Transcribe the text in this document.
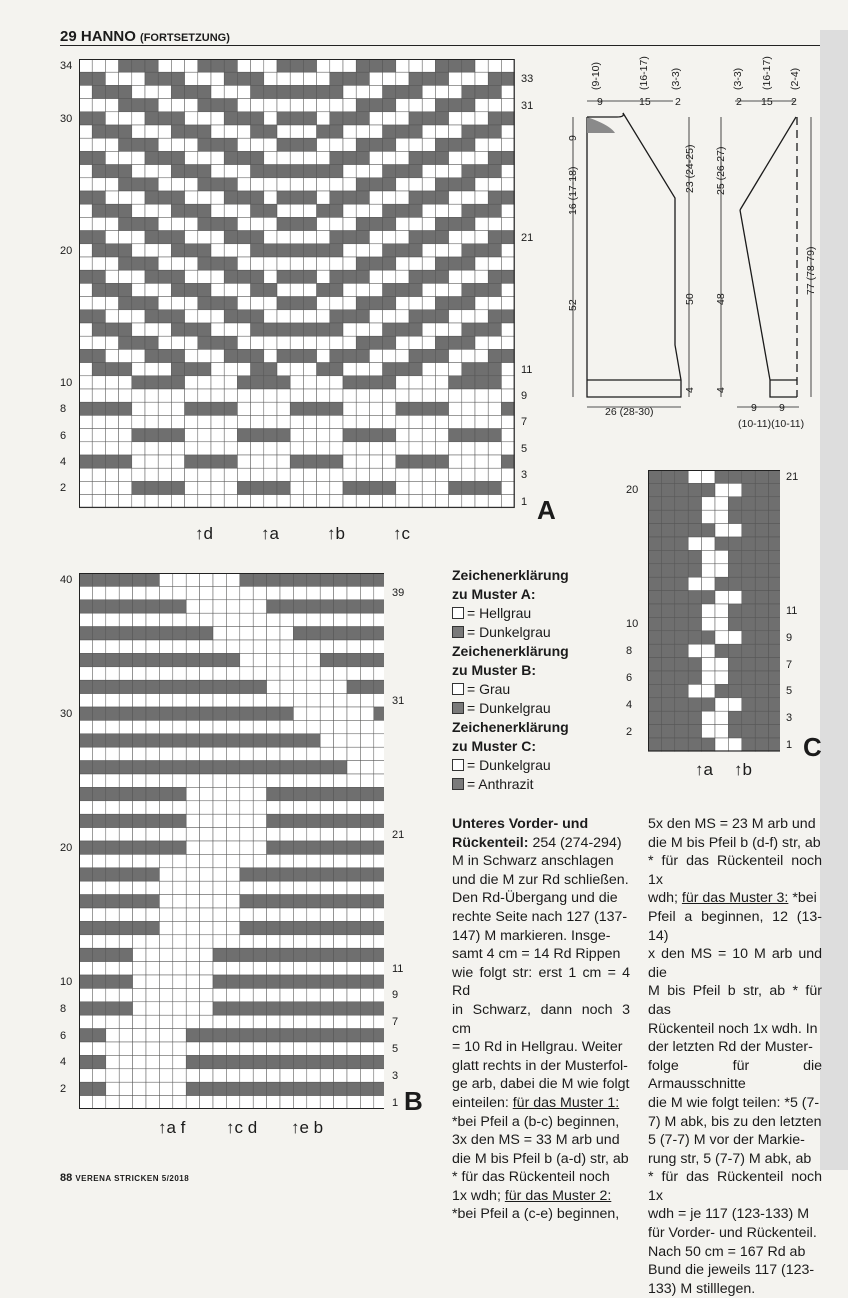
29 HANNO (FORTSETZUNG)
34
30
20
10
8
6
4
2
33
31
21
11
9
7
5
3
1 A
↑d	↑a	↑b	↑c
40
30
20
10
8
6
4
2
39
31
21
11
9
7
5
3
1 B
↑a f ↑c d ↑e b
20
10
8
6
4
2
21
11
9
7
5
3
1 C
↑a ↑b
(9-10)	(16-17) (3-3)
9	15 2
9
16 (17-18)
52
23 (24-25)
50
4
26 (28-30)
(3-3) (16-17) (2-4)
2 15 2
25 (26-27)
48
4
77 (78-79)
9 9
(10-11)(10-11)
Zeichenerklärung
zu Muster A:
= Hellgrau
= Dunkelgrau
Zeichenerklärung
zu Muster B:
= Grau
= Dunkelgrau
Zeichenerklärung
zu Muster C:
= Dunkelgrau
= Anthrazit
Unteres Vorder- und
Rückenteil: 254 (274-294)
M in Schwarz anschlagen
und die M zur Rd schließen.
Den Rd-Übergang und die
rechte Seite nach 127 (137-
147) M markieren. Insge-
samt 4 cm = 14 Rd Rippen
wie folgt str: erst 1 cm = 4 Rd
in Schwarz, dann noch 3 cm
= 10 Rd in Hellgrau. Weiter
glatt rechts in der Musterfol-
ge arb, dabei die M wie folgt
einteilen: für das Muster 1:
*bei Pfeil a (b-c) beginnen,
3x den MS = 33 M arb und
die M bis Pfeil b (a-d) str, ab
* für das Rückenteil noch
1x wdh; für das Muster 2:
*bei Pfeil a (c-e) beginnen,
5x den MS = 23 M arb und
die M bis Pfeil b (d-f) str, ab
* für das Rückenteil noch 1x
wdh; für das Muster 3: *bei
Pfeil a beginnen, 12 (13-14)
x den MS = 10 M arb und die
M bis Pfeil b str, ab * für das
Rückenteil noch 1x wdh. In
der letzten Rd der Muster-
folge für die Armausschnitte
die M wie folgt teilen: *5 (7-
7) M abk, bis zu den letzten
5 (7-7) M vor der Markie-
rung str, 5 (7-7) M abk, ab
* für das Rückenteil noch 1x
wdh = je 117 (123-133) M
für Vorder- und Rückenteil.
Nach 50 cm = 167 Rd ab
Bund die jeweils 117 (123-
133) M stilllegen.
88 VERENA STRICKEN 5/2018
